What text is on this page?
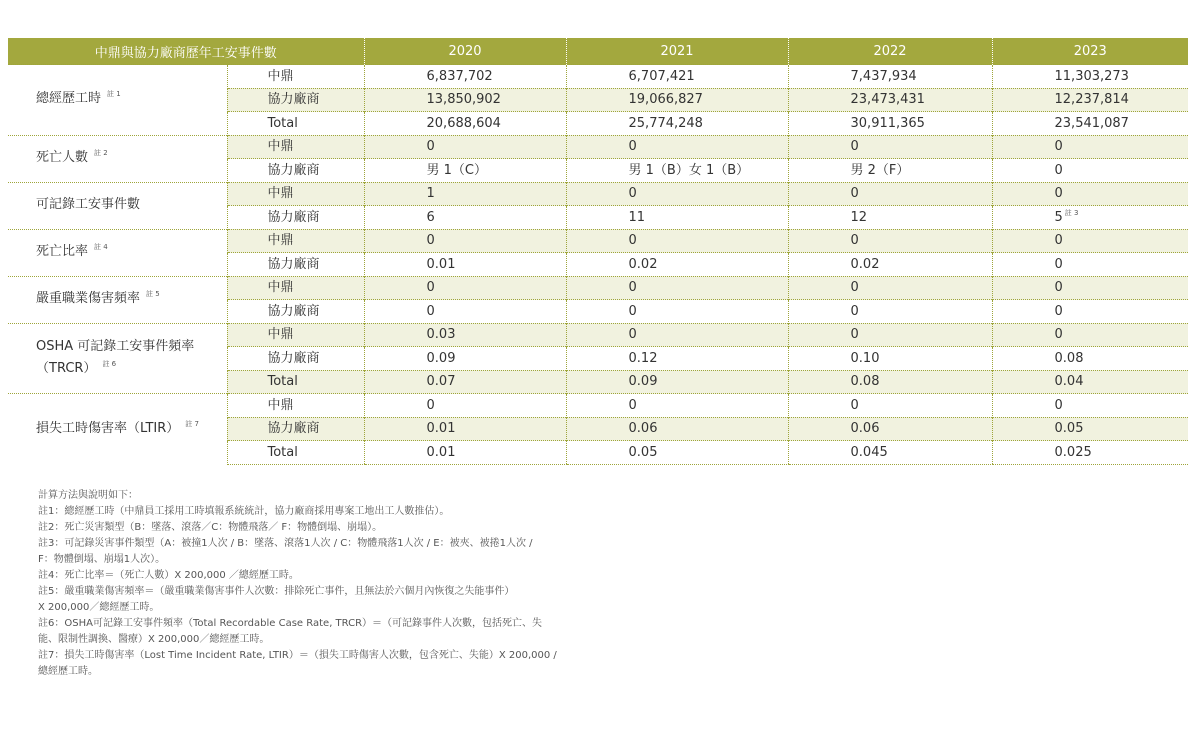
中鼎與協力廠商歷年工安事件數		2020	2021	2022	2023
總經歷工時 $^{註 1}$	中鼎	6,837,702	6,707,421	7,437,934	11,303,273
	協力廠商	13,850,902	19,066,827	23,473,431	12,237,814
	Total	20,688,604	25,774,248	30,911,365	23,541,087
死亡人數 $^{註 2}$	中鼎	0	0	0	0
	協力廠商	男 1（C）	男 1（B）女 1（B）	男 2（F）	0
可記錄工安事件數	中鼎	1	0	0	0
	協力廠商	6	11	12	5 $^{註 3}$
死亡比率 $^{註 4}$	中鼎	0	0	0	0
	協力廠商	0.01	0.02	0.02	0
嚴重職業傷害頻率 $^{註 5}$	中鼎	0	0	0	0
	協力廠商	0	0	0	0
OSHA 可記錄工安事件頻率
（TRCR） $^{註 6}$	中鼎	0.03	0	0	0
	協力廠商	0.09	0.12	0.10	0.08
	Total	0.07	0.09	0.08	0.04
損失工時傷害率（LTIR） $^{註 7}$	中鼎	0	0	0	0
	協力廠商	0.01	0.06	0.06	0.05
	Total	0.01	0.05	0.045	0.025

計算方法與說明如下：

註1：總經歷工時（中鼎員工採用工時填報系統統計，協力廠商採用專案工地出工人數推估）。

註2：死亡災害類型（B：墜落、滾落／C：物體飛落／ F：物體倒塌、崩塌）。

註3：可記錄災害事件類型（A：被撞1人次 / B：墜落、滾落1人次 / C：物體飛落1人次 / E：被夾、被捲1人次 /

F：物體倒塌、崩塌1人次）。

註4：死亡比率＝（死亡人數）X 200,000 ／總經歷工時。

註5：嚴重職業傷害頻率＝（嚴重職業傷害事件人次數：排除死亡事件，且無法於六個月內恢復之失能事件）

X 200,000／總經歷工時。

註6：OSHA可記錄工安事件頻率（Total Recordable Case Rate, TRCR）＝（可記錄事件人次數，包括死亡、失

能、限制性調換、醫療）X 200,000／總經歷工時。

註7：損失工時傷害率（Lost Time Incident Rate, LTIR）＝（損失工時傷害人次數，包含死亡、失能）X 200,000 /

總經歷工時。
